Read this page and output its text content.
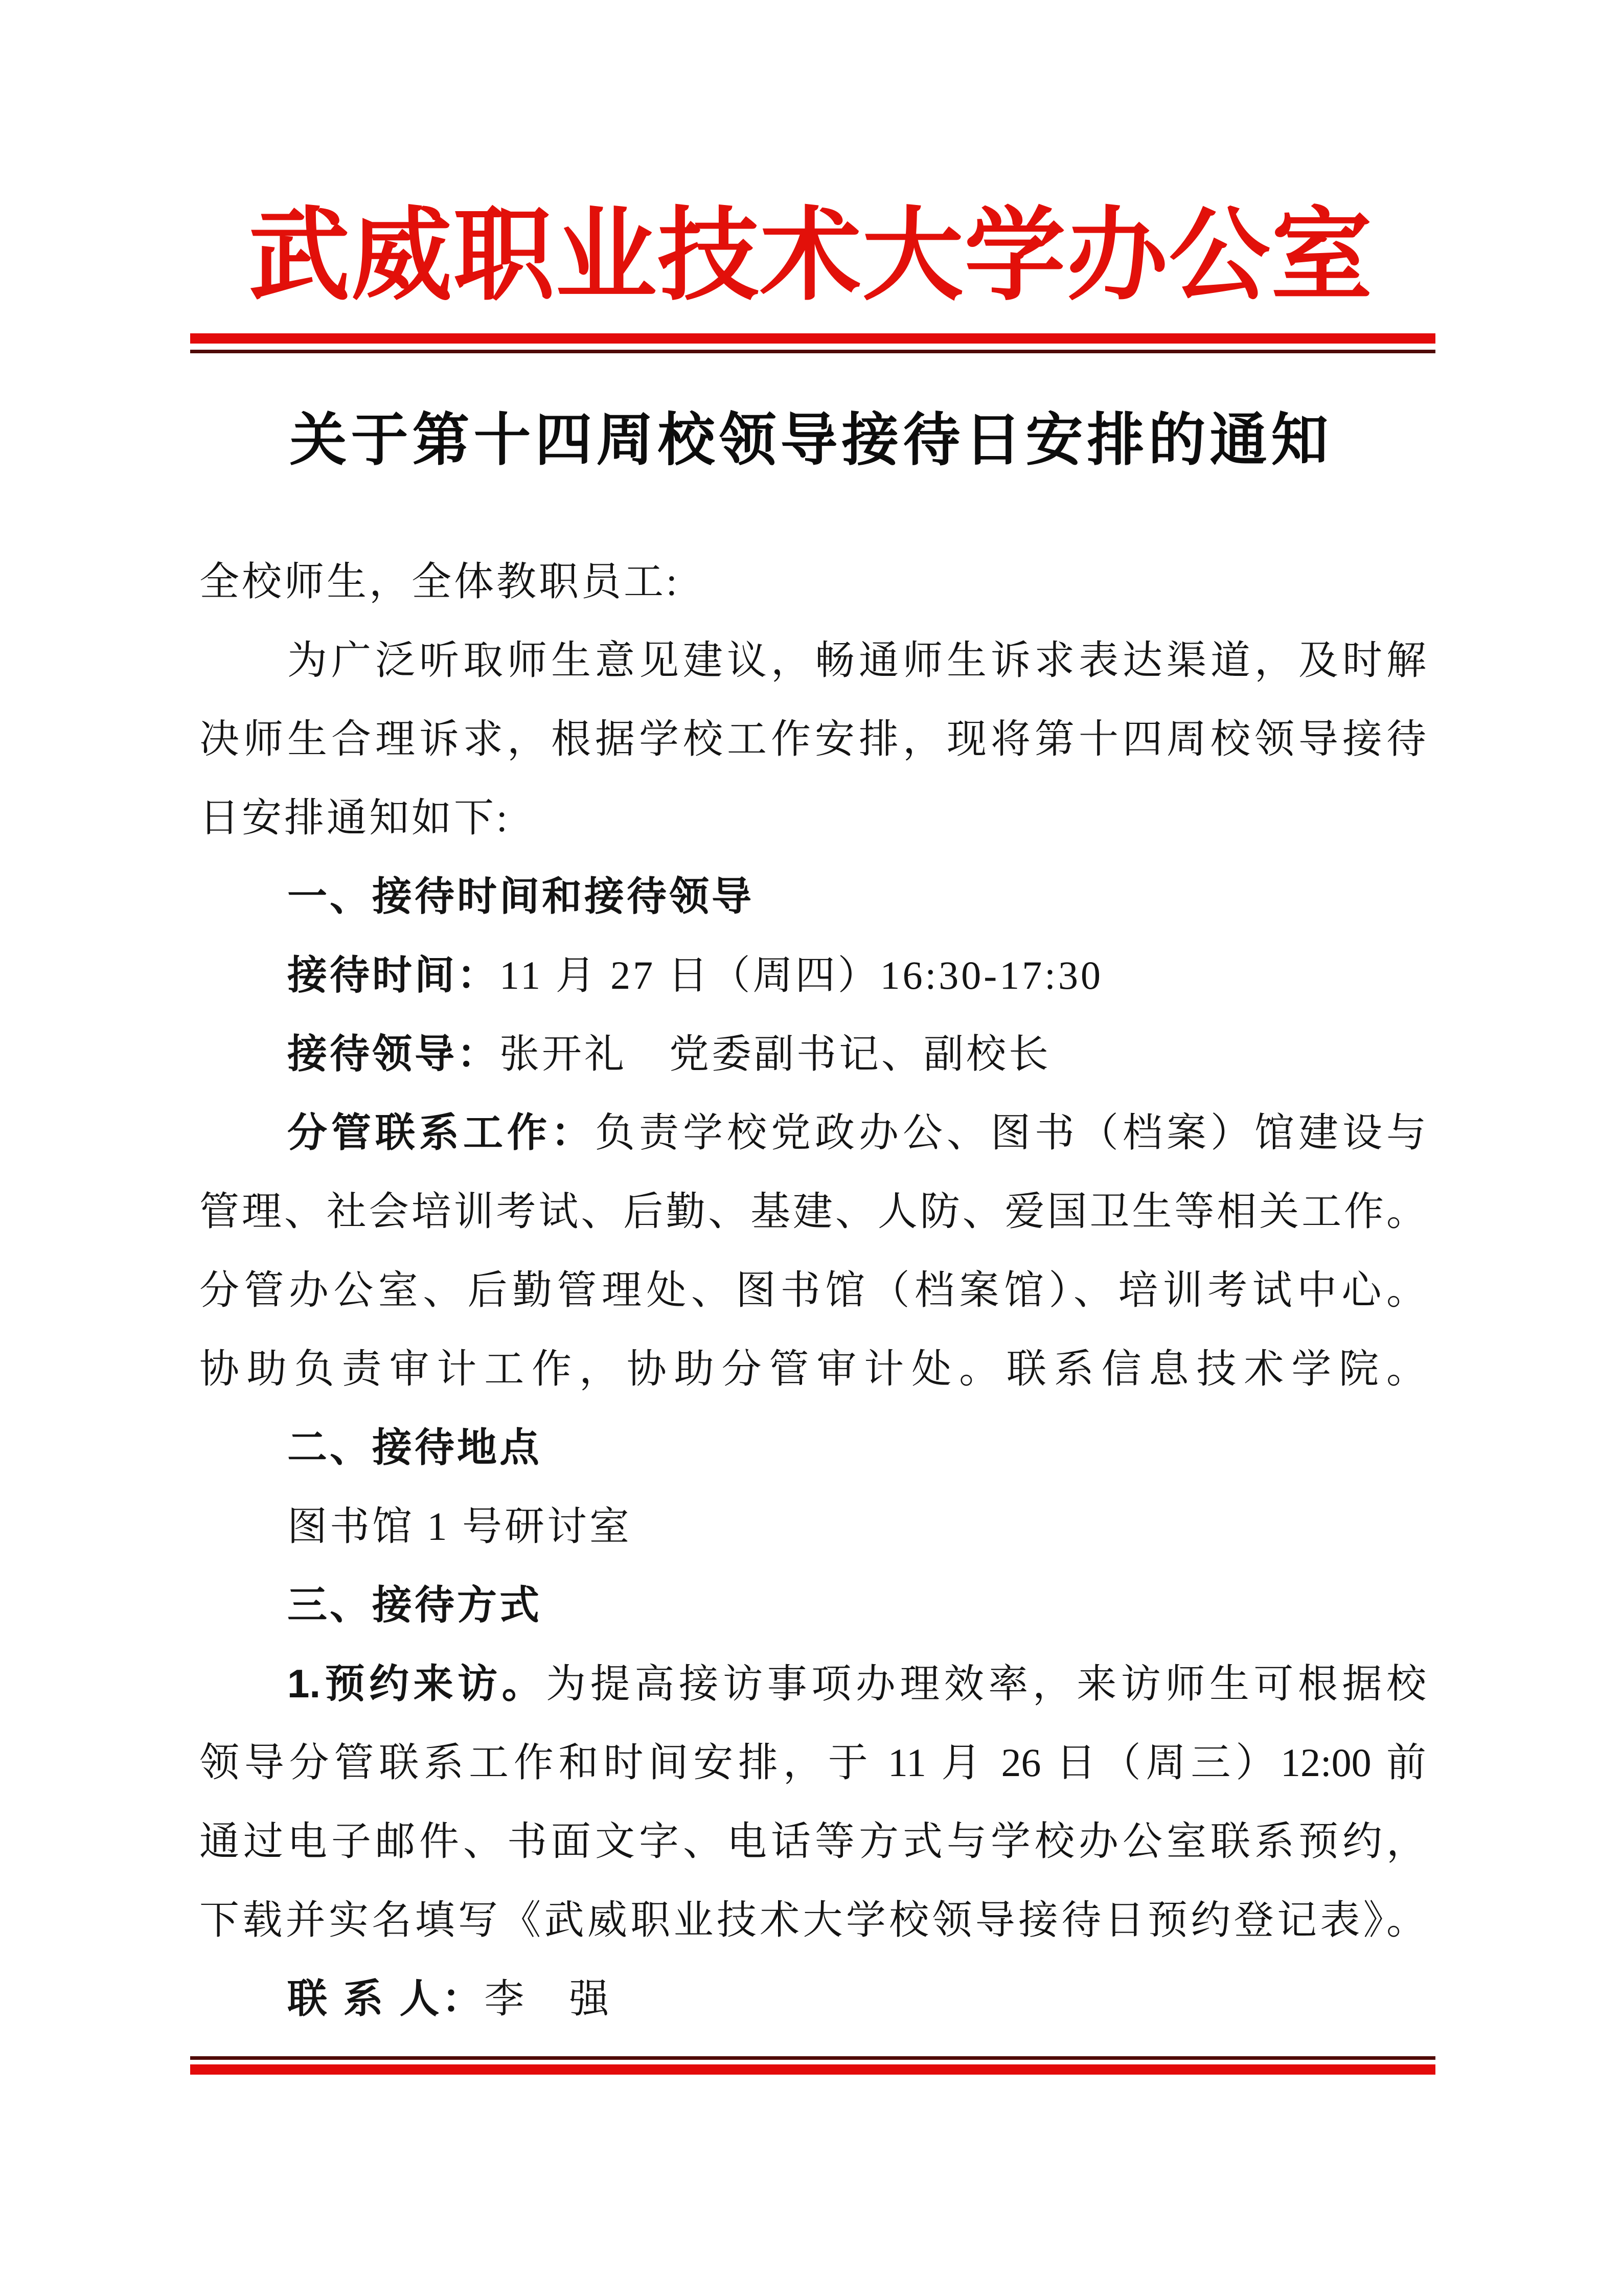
武威职业技术大学办公室
关于第十四周校领导接待日安排的通知
全校师生，全体教职员工:
为广泛听取师生意见建议，畅通师生诉求表达渠道，及时解
决师生合理诉求，根据学校工作安排，现将第十四周校领导接待
日安排通知如下:
一、接待时间和接待领导
接待时间：11 月 27 日（周四）16:30-17:30
接待领导：张开礼　党委副书记、副校长
分管联系工作：负责学校党政办公、图书（档案）馆建设与
管理、社会培训考试、后勤、基建、人防、爱国卫生等相关工作。
分管办公室、后勤管理处、图书馆（档案馆）、培训考试中心。
协助负责审计工作，协助分管审计处。联系信息技术学院。
二、接待地点
图书馆 1 号研讨室
三、接待方式
1.预约来访。为提高接访事项办理效率，来访师生可根据校
领导分管联系工作和时间安排，于 11 月 26 日（周三）12:00 前
通过电子邮件、书面文字、电话等方式与学校办公室联系预约，
下载并实名填写《武威职业技术大学校领导接待日预约登记表》。
联 系 人：李　强
